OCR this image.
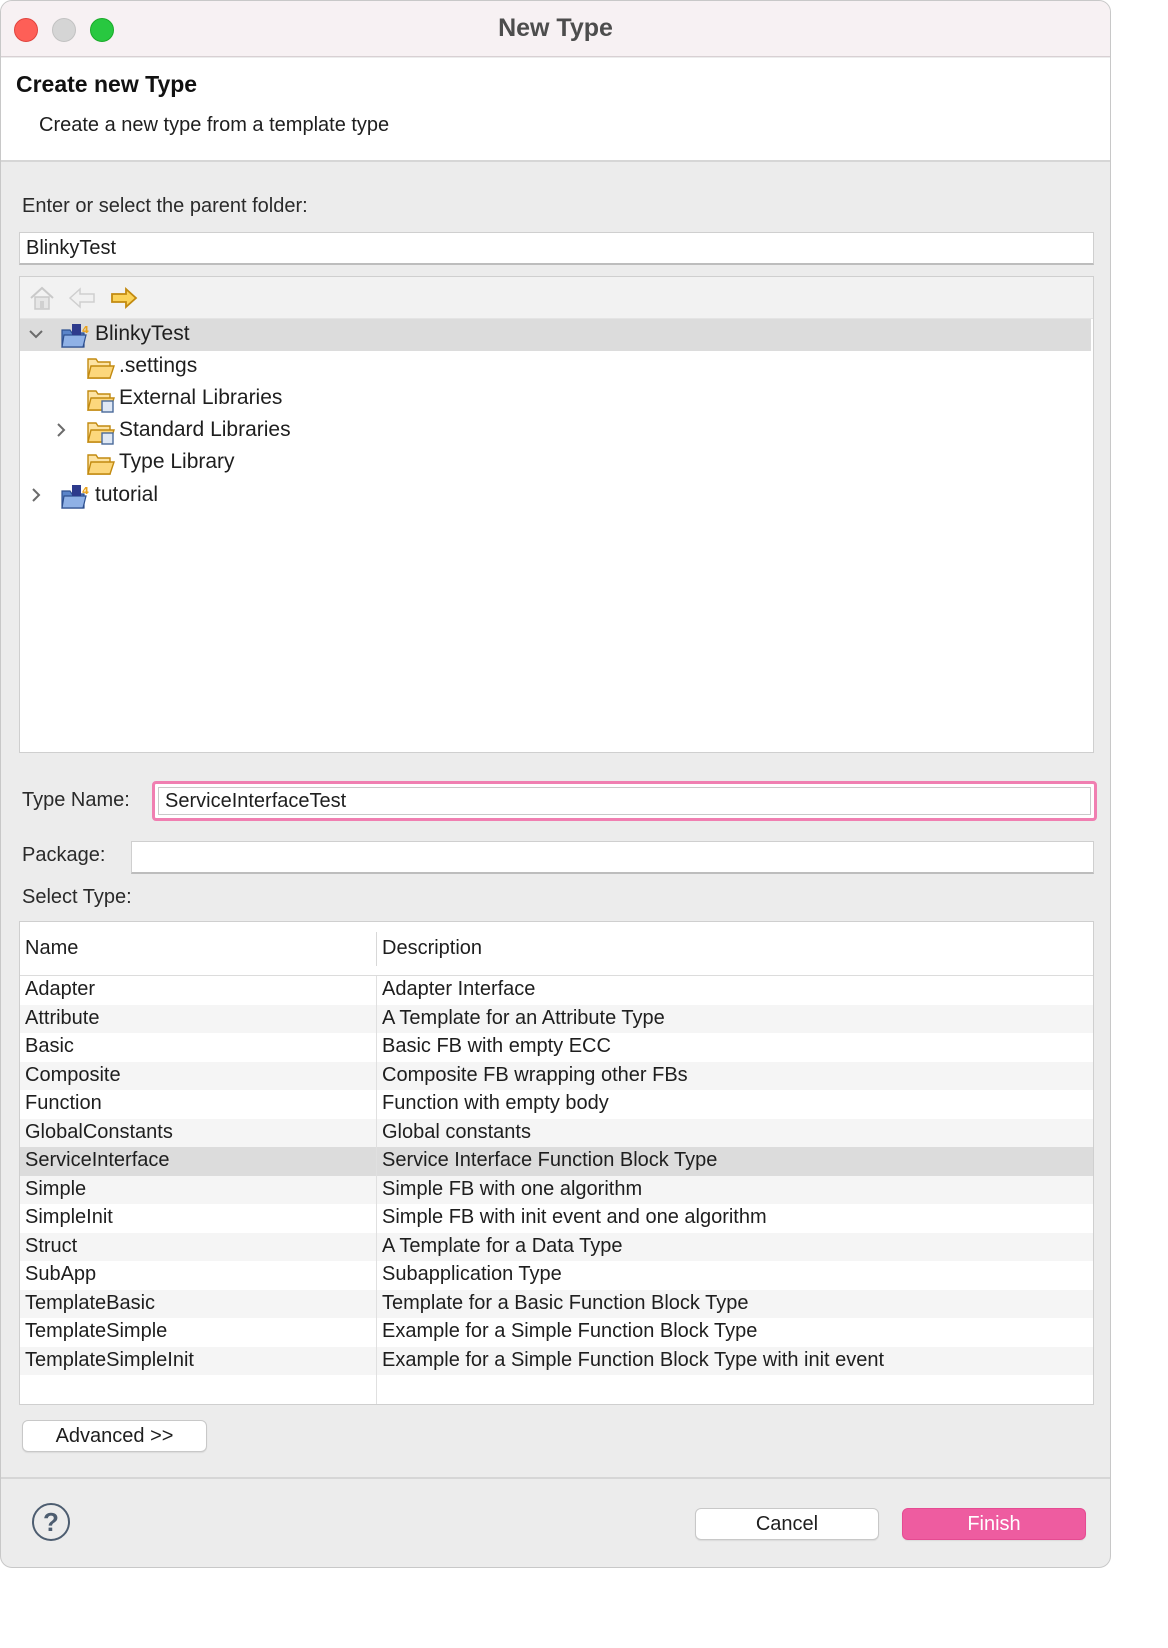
New Type
Create new Type
Create a new type from a template type
Enter or select the parent folder:
BlinkyTest
4 BlinkyTest
.settings
External Libraries
Standard Libraries
Type Library
4 tutorial
Type Name:	ServiceInterfaceTest
Package:
Select Type:
Name	Description
Adapter	Adapter Interface
Attribute	A Template for an Attribute Type
Basic	Basic FB with empty ECC
Composite	Composite FB wrapping other FBs
Function	Function with empty body
GlobalConstants	Global constants
ServiceInterface	Service Interface Function Block Type
Simple	Simple FB with one algorithm
SimpleInit	Simple FB with init event and one algorithm
Struct	A Template for a Data Type
SubApp	Subapplication Type
TemplateBasic	Template for a Basic Function Block Type
TemplateSimple	Example for a Simple Function Block Type
TemplateSimpleInit	Example for a Simple Function Block Type with init event
Advanced >>
?	Cancel	Finish
